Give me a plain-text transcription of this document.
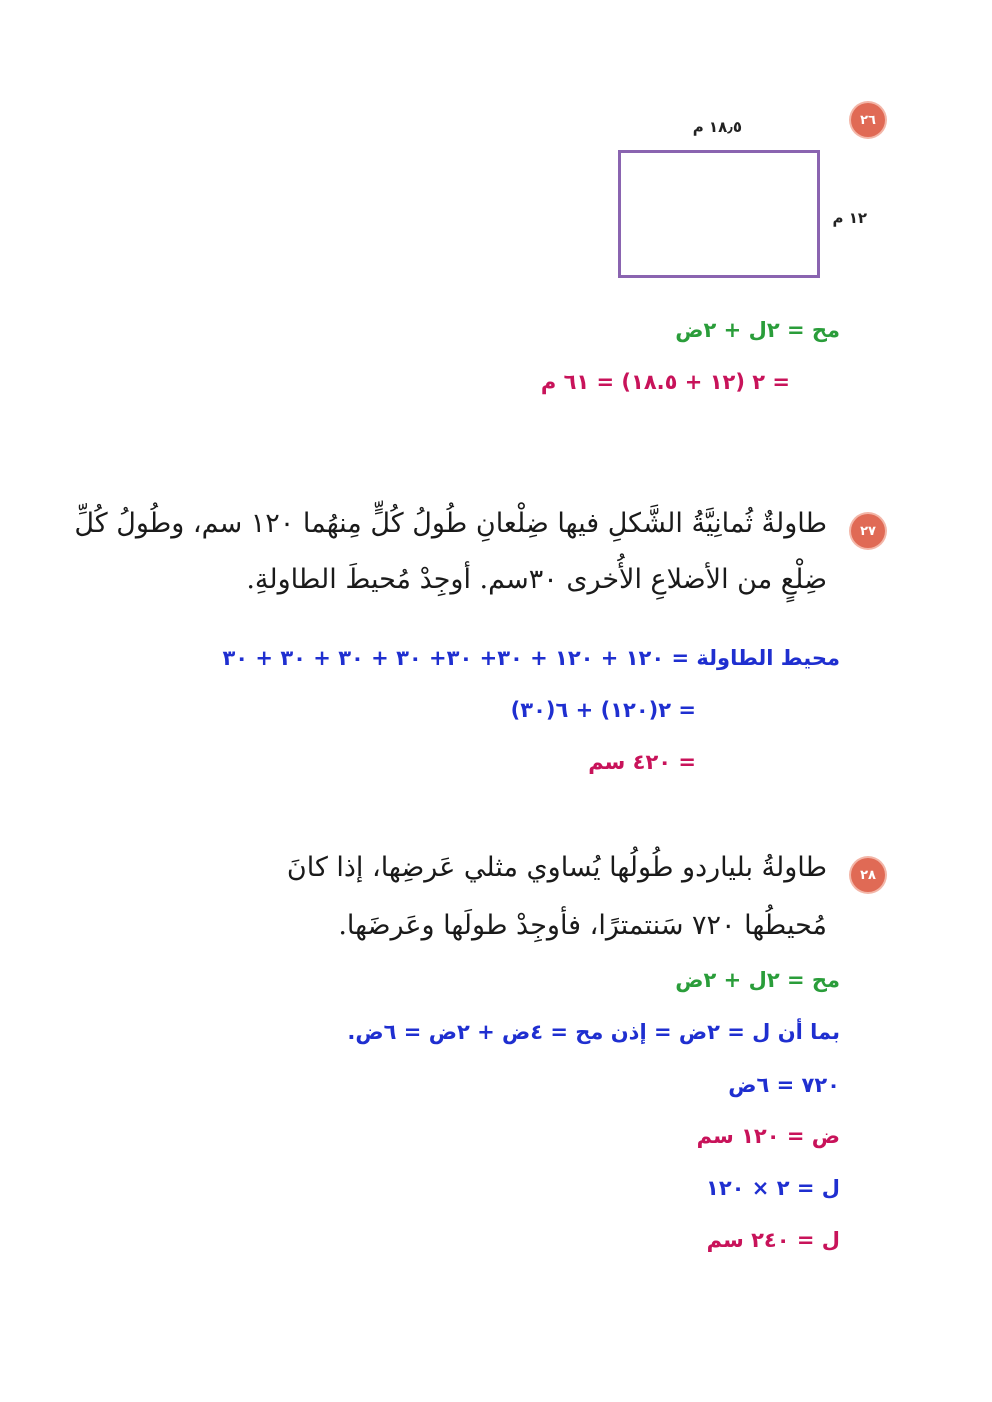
٢٦
١٨٫٥ م
١٢ م
مح = ٢ل + ٢ض
= ٢ (١٢ + ١٨.٥) = ٦١ م
٢٧
طاولةٌ ثُمانِيَّةُ الشَّكلِ فيها ضِلْعانِ طُولُ كُلٍّ مِنهُما ١٢٠ سم، وطُولُ كُلِّ
ضِلْعٍ من الأضلاعِ الأُخرى ٣٠سم. أوجِدْ مُحيطَ الطاولةِ.
محيط الطاولة = ١٢٠ + ١٢٠ + ٣٠+ ٣٠+ ٣٠ + ٣٠ + ٣٠ + ٣٠
= ٢(١٢٠) + ٦(٣٠)
= ٤٢٠ سم
٢٨
طاولةُ بلياردو طُولُها يُساوي مثلي عَرضِها، إذا كانَ
مُحيطُها ٧٢٠ سَنتمترًا، فأوجِدْ طولَها وعَرضَها.
مح = ٢ل + ٢ض
بما أن ل = ٢ض = إذن مح = ٤ض + ٢ض = ٦ض.
٧٢٠ = ٦ض
ض = ١٢٠ سم
ل = ٢ × ١٢٠
ل = ٢٤٠ سم
